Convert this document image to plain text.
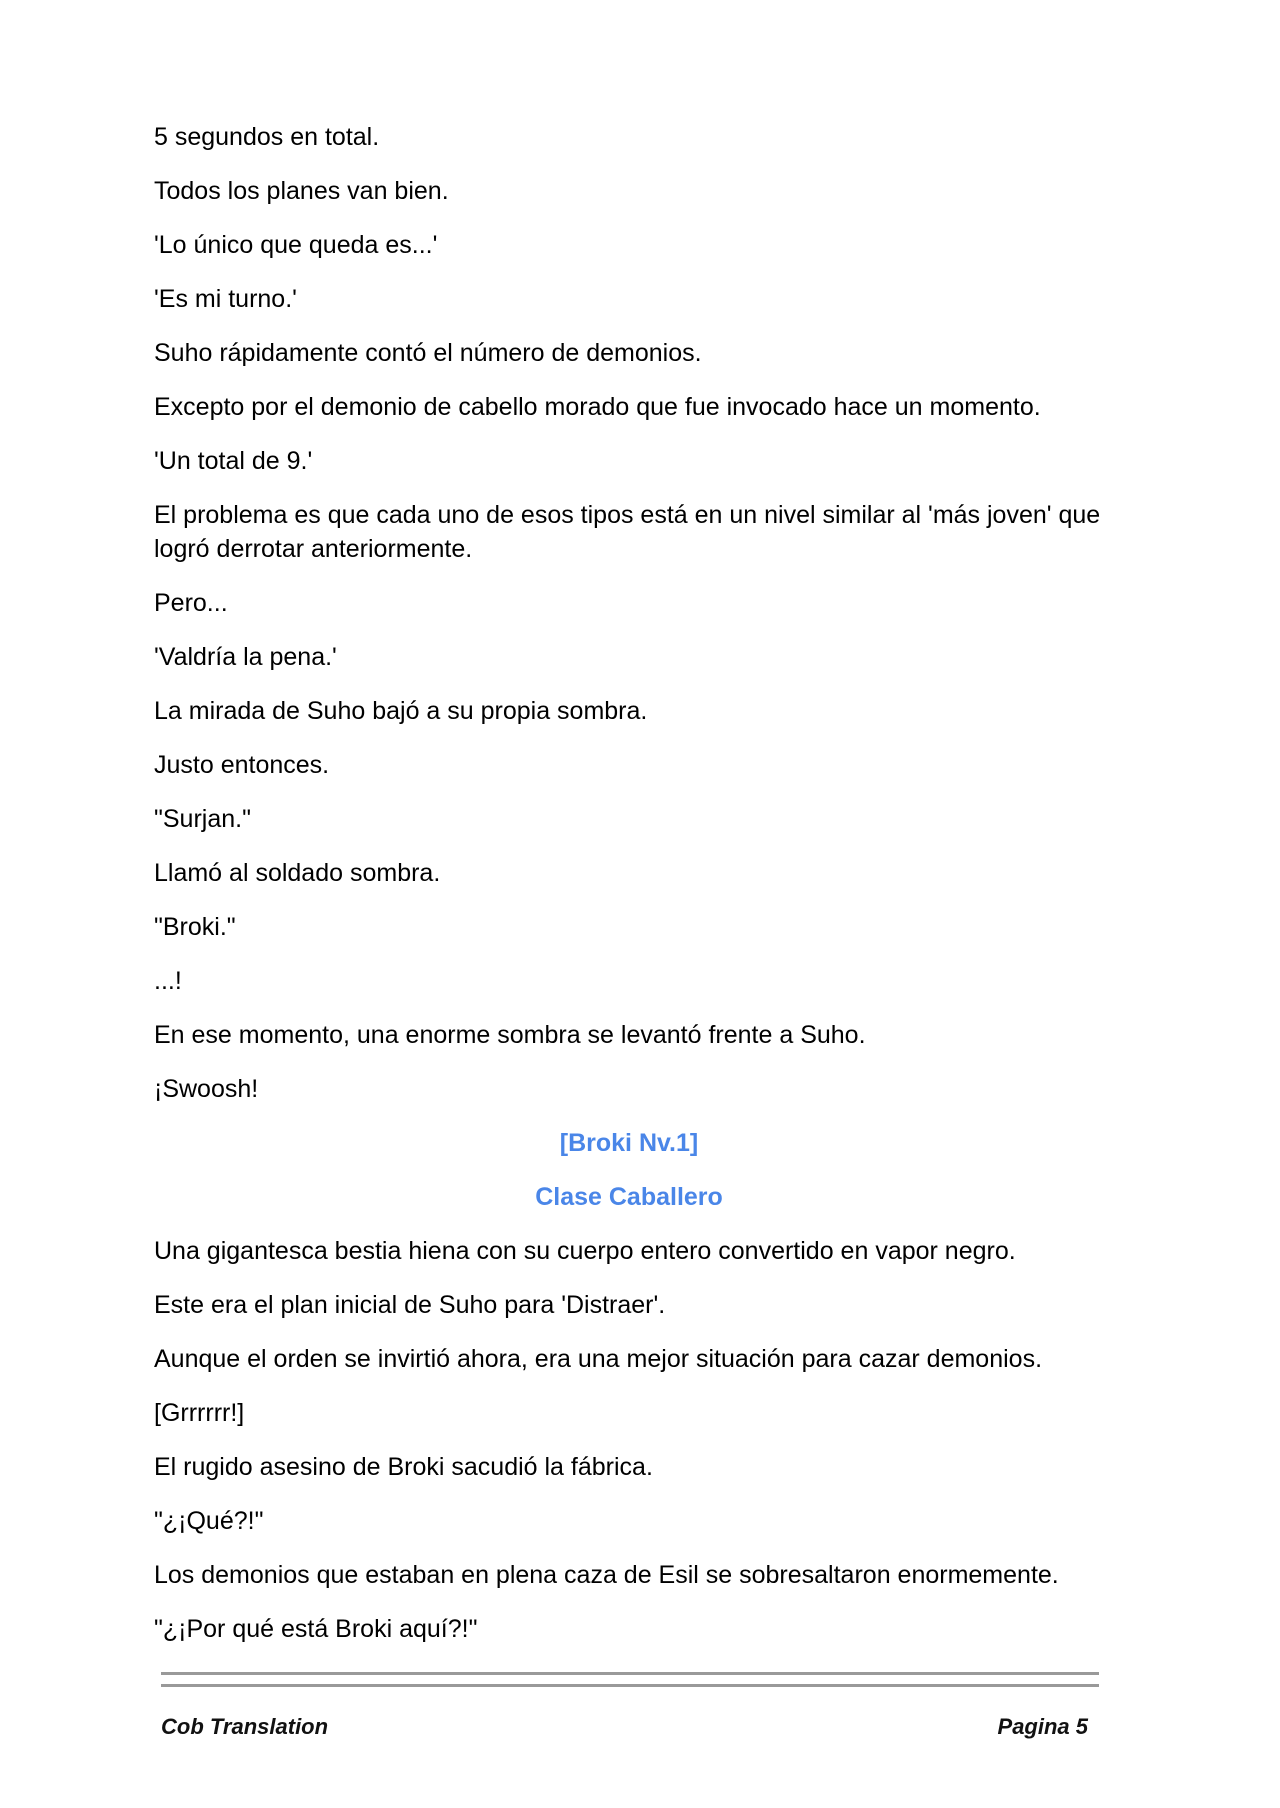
5 segundos en total.

Todos los planes van bien.

'Lo único que queda es...'

'Es mi turno.'

Suho rápidamente contó el número de demonios.

Excepto por el demonio de cabello morado que fue invocado hace un momento.

'Un total de 9.'

El problema es que cada uno de esos tipos está en un nivel similar al 'más joven' que logró derrotar anteriormente.

Pero...

'Valdría la pena.'

La mirada de Suho bajó a su propia sombra.

Justo entonces.

"Surjan."

Llamó al soldado sombra.

"Broki."

...!

En ese momento, una enorme sombra se levantó frente a Suho.

¡Swoosh!

[Broki Nv.1]

Clase Caballero

Una gigantesca bestia hiena con su cuerpo entero convertido en vapor negro.

Este era el plan inicial de Suho para 'Distraer'.

Aunque el orden se invirtió ahora, era una mejor situación para cazar demonios.

[Grrrrrr!]

El rugido asesino de Broki sacudió la fábrica.

"¿¡Qué?!"

Los demonios que estaban en plena caza de Esil se sobresaltaron enormemente.

"¿¡Por qué está Broki aquí?!"

Cob Translation	Pagina 5
